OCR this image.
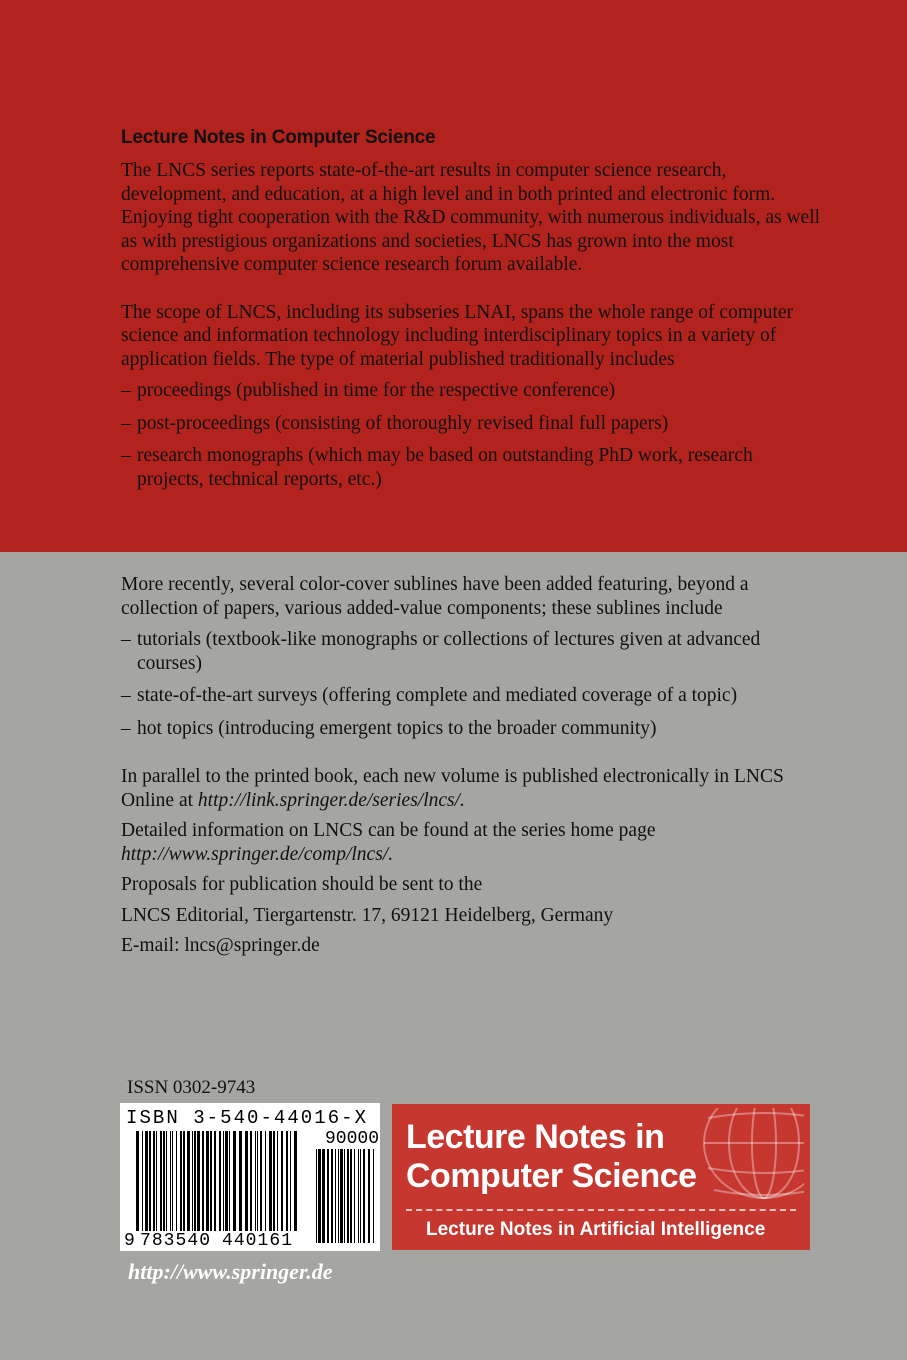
Lecture Notes in Computer Science

The LNCS series reports state-of-the-art results in computer science research, development, and education, at a high level and in both printed and electronic form. Enjoying tight cooperation with the R&D community, with numerous individuals, as well as with prestigious organizations and societies, LNCS has grown into the most comprehensive computer science research forum available.

The scope of LNCS, including its subseries LNAI, spans the whole range of computer science and information technology including interdisciplinary topics in a variety of application fields. The type of material published traditionally includes

– proceedings (published in time for the respective conference)
– post-proceedings (consisting of thoroughly revised final full papers)
– research monographs (which may be based on outstanding PhD work, research projects, technical reports, etc.)

More recently, several color-cover sublines have been added featuring, beyond a collection of papers, various added-value components; these sublines include

– tutorials (textbook-like monographs or collections of lectures given at advanced courses)
– state-of-the-art surveys (offering complete and mediated coverage of a topic)
– hot topics (introducing emergent topics to the broader community)

In parallel to the printed book, each new volume is published electronically in LNCS Online at http://link.springer.de/series/lncs/.

Detailed information on LNCS can be found at the series home page
http://www.springer.de/comp/lncs/.

Proposals for publication should be sent to the

LNCS Editorial, Tiergartenstr. 17, 69121 Heidelberg, Germany

E-mail: lncs@springer.de

ISSN 0302-9743
ISBN 3-540-44016-X
90000
9 783540 440161
Lecture Notes in
Computer Science
Lecture Notes in Artificial Intelligence
http://www.springer.de
